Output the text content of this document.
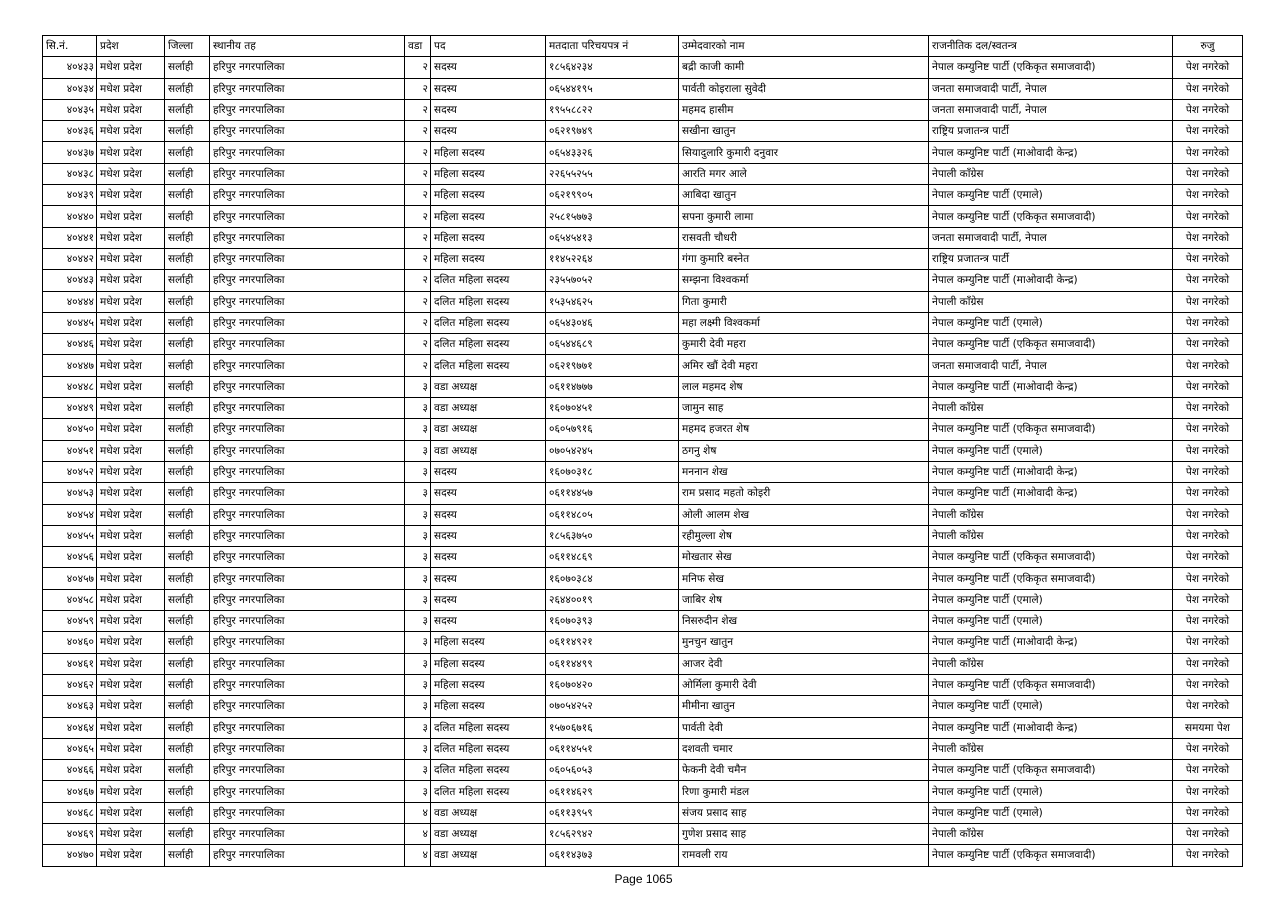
सि.नं.	प्रदेश	जिल्ला	स्थानीय तह	वडा	पद	मतदाता परिचयपत्र नं	उम्मेदवारको नाम	राजनीतिक दल/स्वतन्त्र	रुजु
४०४३३	मधेश प्रदेश	सर्लाही	हरिपुर नगरपालिका	२	सदस्य	१८५६४२३४	बद्री काजी कामी	नेपाल कम्युनिष्ट पार्टी (एकिकृत समाजवादी)	पेश नगरेको
४०४३४	मधेश प्रदेश	सर्लाही	हरिपुर नगरपालिका	२	सदस्य	०६५४४१९५	पार्वती कोइराला सुवेदी	जनता समाजवादी पार्टी, नेपाल	पेश नगरेको
४०४३५	मधेश प्रदेश	सर्लाही	हरिपुर नगरपालिका	२	सदस्य	१९५५८८२२	महमद हासीम	जनता समाजवादी पार्टी, नेपाल	पेश नगरेको
४०४३६	मधेश प्रदेश	सर्लाही	हरिपुर नगरपालिका	२	सदस्य	०६२१९७४९	सखीना खातुन	राष्ट्रिय प्रजातन्त्र पार्टी	पेश नगरेको
४०४३७	मधेश प्रदेश	सर्लाही	हरिपुर नगरपालिका	२	महिला सदस्य	०६५४३३२६	सियादुलारि कुमारी दनुवार	नेपाल कम्युनिष्ट पार्टी (माओवादी केन्द्र)	पेश नगरेको
४०४३८	मधेश प्रदेश	सर्लाही	हरिपुर नगरपालिका	२	महिला सदस्य	२२६५५२५५	आरति मगर आले	नेपाली काँग्रेस	पेश नगरेको
४०४३९	मधेश प्रदेश	सर्लाही	हरिपुर नगरपालिका	२	महिला सदस्य	०६२१९९०५	आबिदा खातुन	नेपाल कम्युनिष्ट पार्टी (एमाले)	पेश नगरेको
४०४४०	मधेश प्रदेश	सर्लाही	हरिपुर नगरपालिका	२	महिला सदस्य	२५८१५७७३	सपना कुमारी लामा	नेपाल कम्युनिष्ट पार्टी (एकिकृत समाजवादी)	पेश नगरेको
४०४४१	मधेश प्रदेश	सर्लाही	हरिपुर नगरपालिका	२	महिला सदस्य	०६५४५४१३	रासवती चौधरी	जनता समाजवादी पार्टी, नेपाल	पेश नगरेको
४०४४२	मधेश प्रदेश	सर्लाही	हरिपुर नगरपालिका	२	महिला सदस्य	११४५२२६४	गंगा कुमारि बस्नेत	राष्ट्रिय प्रजातन्त्र पार्टी	पेश नगरेको
४०४४३	मधेश प्रदेश	सर्लाही	हरिपुर नगरपालिका	२	दलित महिला सदस्य	२३५५७०५२	सम्झना विश्वकर्मा	नेपाल कम्युनिष्ट पार्टी (माओवादी केन्द्र)	पेश नगरेको
४०४४४	मधेश प्रदेश	सर्लाही	हरिपुर नगरपालिका	२	दलित महिला सदस्य	१५३५४६२५	गिता कुमारी	नेपाली काँग्रेस	पेश नगरेको
४०४४५	मधेश प्रदेश	सर्लाही	हरिपुर नगरपालिका	२	दलित महिला सदस्य	०६५४३०४६	महा लक्ष्मी विश्वकर्मा	नेपाल कम्युनिष्ट पार्टी (एमाले)	पेश नगरेको
४०४४६	मधेश प्रदेश	सर्लाही	हरिपुर नगरपालिका	२	दलित महिला सदस्य	०६५४४६८९	कुमारी देवी महरा	नेपाल कम्युनिष्ट पार्टी (एकिकृत समाजवादी)	पेश नगरेको
४०४४७	मधेश प्रदेश	सर्लाही	हरिपुर नगरपालिका	२	दलित महिला सदस्य	०६२१९७७१	अमिर खौं देवी महरा	जनता समाजवादी पार्टी, नेपाल	पेश नगरेको
४०४४८	मधेश प्रदेश	सर्लाही	हरिपुर नगरपालिका	३	वडा अध्यक्ष	०६११४७७७	लाल महमद शेष	नेपाल कम्युनिष्ट पार्टी (माओवादी केन्द्र)	पेश नगरेको
४०४४९	मधेश प्रदेश	सर्लाही	हरिपुर नगरपालिका	३	वडा अध्यक्ष	१६०७०४५१	जामुन साह	नेपाली काँग्रेस	पेश नगरेको
४०४५०	मधेश प्रदेश	सर्लाही	हरिपुर नगरपालिका	३	वडा अध्यक्ष	०६०५७९१६	महमद हजरत शेष	नेपाल कम्युनिष्ट पार्टी (एकिकृत समाजवादी)	पेश नगरेको
४०४५१	मधेश प्रदेश	सर्लाही	हरिपुर नगरपालिका	३	वडा अध्यक्ष	०७०५४२४५	ठगनु शेष	नेपाल कम्युनिष्ट पार्टी (एमाले)	पेश नगरेको
४०४५२	मधेश प्रदेश	सर्लाही	हरिपुर नगरपालिका	३	सदस्य	१६०७०३१८	मननान शेख	नेपाल कम्युनिष्ट पार्टी (माओवादी केन्द्र)	पेश नगरेको
४०४५३	मधेश प्रदेश	सर्लाही	हरिपुर नगरपालिका	३	सदस्य	०६११४४५७	राम प्रसाद महतो कोइरी	नेपाल कम्युनिष्ट पार्टी (माओवादी केन्द्र)	पेश नगरेको
४०४५४	मधेश प्रदेश	सर्लाही	हरिपुर नगरपालिका	३	सदस्य	०६११४८०५	ओली आलम शेख	नेपाली काँग्रेस	पेश नगरेको
४०४५५	मधेश प्रदेश	सर्लाही	हरिपुर नगरपालिका	३	सदस्य	१८५६३७५०	रहीमुल्ला शेष	नेपाली काँग्रेस	पेश नगरेको
४०४५६	मधेश प्रदेश	सर्लाही	हरिपुर नगरपालिका	३	सदस्य	०६११४८६९	मोखतार सेख	नेपाल कम्युनिष्ट पार्टी (एकिकृत समाजवादी)	पेश नगरेको
४०४५७	मधेश प्रदेश	सर्लाही	हरिपुर नगरपालिका	३	सदस्य	१६०७०३८४	मनिफ सेख	नेपाल कम्युनिष्ट पार्टी (एकिकृत समाजवादी)	पेश नगरेको
४०४५८	मधेश प्रदेश	सर्लाही	हरिपुर नगरपालिका	३	सदस्य	२६४४००१९	जाबिर शेष	नेपाल कम्युनिष्ट पार्टी (एमाले)	पेश नगरेको
४०४५९	मधेश प्रदेश	सर्लाही	हरिपुर नगरपालिका	३	सदस्य	१६०७०३९३	निसरुदीन शेख	नेपाल कम्युनिष्ट पार्टी (एमाले)	पेश नगरेको
४०४६०	मधेश प्रदेश	सर्लाही	हरिपुर नगरपालिका	३	महिला सदस्य	०६११४९२१	मुनचुन खातुन	नेपाल कम्युनिष्ट पार्टी (माओवादी केन्द्र)	पेश नगरेको
४०४६१	मधेश प्रदेश	सर्लाही	हरिपुर नगरपालिका	३	महिला सदस्य	०६११४४९९	आजर देवी	नेपाली काँग्रेस	पेश नगरेको
४०४६२	मधेश प्रदेश	सर्लाही	हरिपुर नगरपालिका	३	महिला सदस्य	१६०७०४२०	ओर्मिला कुमारी देवी	नेपाल कम्युनिष्ट पार्टी (एकिकृत समाजवादी)	पेश नगरेको
४०४६३	मधेश प्रदेश	सर्लाही	हरिपुर नगरपालिका	३	महिला सदस्य	०७०५४२५२	मीमीना खातुन	नेपाल कम्युनिष्ट पार्टी (एमाले)	पेश नगरेको
४०४६४	मधेश प्रदेश	सर्लाही	हरिपुर नगरपालिका	३	दलित महिला सदस्य	१५७०६७१६	पार्वती देवी	नेपाल कम्युनिष्ट पार्टी (माओवादी केन्द्र)	समयमा पेश
४०४६५	मधेश प्रदेश	सर्लाही	हरिपुर नगरपालिका	३	दलित महिला सदस्य	०६११४५५१	दशवती चमार	नेपाली काँग्रेस	पेश नगरेको
४०४६६	मधेश प्रदेश	सर्लाही	हरिपुर नगरपालिका	३	दलित महिला सदस्य	०६०५६०५३	फेकनी देवी चमैन	नेपाल कम्युनिष्ट पार्टी (एकिकृत समाजवादी)	पेश नगरेको
४०४६७	मधेश प्रदेश	सर्लाही	हरिपुर नगरपालिका	३	दलित महिला सदस्य	०६११४६२९	रिणा कुमारी मंडल	नेपाल कम्युनिष्ट पार्टी (एमाले)	पेश नगरेको
४०४६८	मधेश प्रदेश	सर्लाही	हरिपुर नगरपालिका	४	वडा अध्यक्ष	०६११३९५९	संजय प्रसाद साह	नेपाल कम्युनिष्ट पार्टी (एमाले)	पेश नगरेको
४०४६९	मधेश प्रदेश	सर्लाही	हरिपुर नगरपालिका	४	वडा अध्यक्ष	१८५६२९४२	गुणेश प्रसाद साह	नेपाली काँग्रेस	पेश नगरेको
४०४७०	मधेश प्रदेश	सर्लाही	हरिपुर नगरपालिका	४	वडा अध्यक्ष	०६११४३७३	रामवली राय	नेपाल कम्युनिष्ट पार्टी (एकिकृत समाजवादी)	पेश नगरेको
Page 1065
